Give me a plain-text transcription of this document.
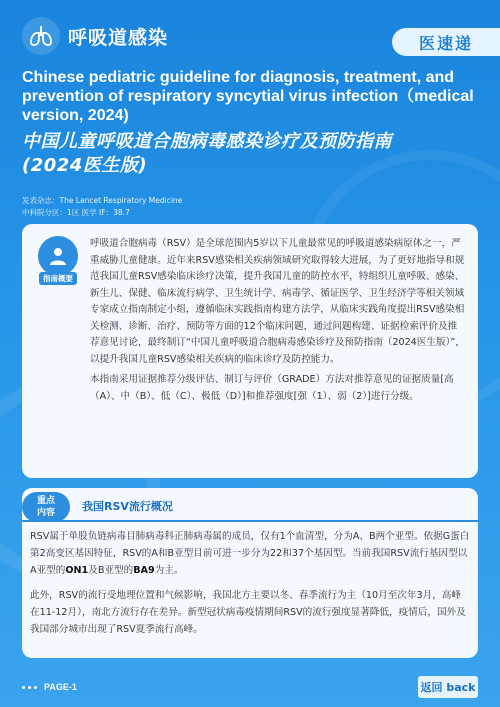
呼吸道感染	医速递
Chinese pediatric guideline for diagnosis, treatment, and prevention of respiratory syncytial virus infection（medical version, 2024)
中国儿童呼吸道合胞病毒感染诊疗及预防指南
(2024医生版)
发表杂志：The Lancet Respiratory Medicine
中科院分区：1区 医学 IF：38.7
指南概要

呼吸道合胞病毒（RSV）是全球范围内5岁以下儿童最常见的呼吸道感染病原体之一，严重威胁儿童健康。近年来RSV感染相关疾病领域研究取得较大进展，为了更好地指导和规范我国儿童RSV感染临床诊疗决策，提升我国儿童的防控水平，特组织儿童呼吸、感染、新生儿、保健、临床流行病学、卫生统计学、病毒学、循证医学、卫生经济学等相关领域专家成立指南制定小组，遵循临床实践指南构建方法学，从临床实践角度提出RSV感染相关检测、诊断、治疗、预防等方面的12个临床问题，通过问题构建、证据检索评价及推荐意见讨论，最终制订“中国儿童呼吸道合胞病毒感染诊疗及预防指南（2024医生版）”，以提升我国儿童RSV感染相关疾病的临床诊疗及防控能力。

本指南采用证据推荐分级评估、制订与评价（GRADE）方法对推荐意见的证据质量[高（A）、中（B）、低（C）、极低（D）]和推荐强度[强（1）、弱（2）]进行分级。

重点
内容 我国RSV流行概况

RSV属于单股负链病毒目肺病毒科正肺病毒属的成员，仅有1个血清型，分为A、B两个亚型。依据G蛋白第2高变区基因特征，RSV的A和B亚型目前可进一步分为22和37个基因型。当前我国RSV流行基因型以A亚型的ON1及B亚型的BA9为主。

此外，RSV的流行受地理位置和气候影响，我国北方主要以冬、春季流行为主（10月至次年3月，高峰在11-12月），南北方流行存在差异。新型冠状病毒疫情期间RSV的流行强度显著降低，疫情后，国外及我国部分城市出现了RSV夏季流行高峰。

PAGE-1	返回 back
